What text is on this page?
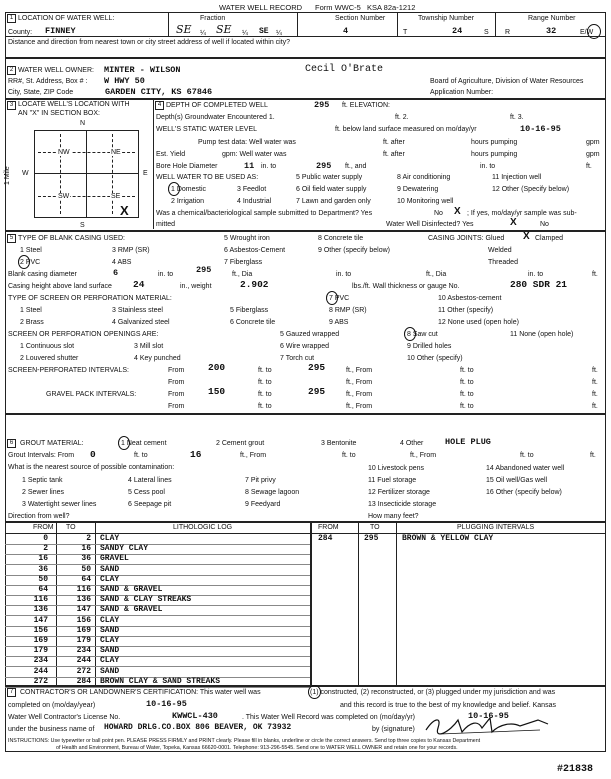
WATER WELL RECORD Form WWC-5 KSA 82a-1212
1 LOCATION OF WATER WELL:
County: FINNEY
Fraction
SE ¼ SE ¼ SE ¼
Section Number
4
Township Number
T	24	S
Range Number
R	32	E/W
Distance and direction from nearest town or city street address of well if located within city?
2 WATER WELL OWNER: MINTER - WILSON	Cecil O'Brate
RR#, St. Address, Box # : W HWY 50	Board of Agriculture, Division of Water Resources
City, State, ZIP Code	GARDEN CITY, KS 67846	Application Number:
3 LOCATE WELL'S LOCATION WITH
AN "X" IN SECTION BOX:
N
S
W	E
1 Mile
NW	NE
SW	SE
X
4 DEPTH OF COMPLETED WELL	295 ft. ELEVATION:
Depth(s) Groundwater Encountered 1.	ft. 2.	ft. 3.
WELL'S STATIC WATER LEVEL	ft. below land surface measured on mo/day/yr	10-16-95
Pump test data: Well water was	ft. after	hours pumping	gpm
Est. Yield	gpm: Well water was	ft. after	hours pumping	gpm
Bore Hole Diameter	11 in. to	295 ft., and	in. to	ft.
WELL WATER TO BE USED AS:
1 Domestic
2 Irrigation
3 Feedlot
4 Industrial
5 Public water supply
6 Oil field water supply
7 Lawn and garden only
8 Air conditioning
9 Dewatering
10 Monitoring well
11 Injection well
12 Other (Specify below)
Was a chemical/bacteriological sample submitted to Department? Yes	No X ; If yes, mo/day/yr sample was sub-
mitted	Water Well Disinfected? Yes	X	No
5 TYPE OF BLANK CASING USED:
1 Steel
2 PVC
3 RMP (SR)
4 ABS
5 Wrought iron
6 Asbestos-Cement
7 Fiberglass
8 Concrete tile
9 Other (specify below)
CASING JOINTS: Glued X Clamped
Welded
Threaded
Blank casing diameter	6	in. to	295	ft., Dia	in. to	ft., Dia	in. to	ft.
Casing height above land surface 24	in., weight	2.902	lbs./ft. Wall thickness or gauge No.	280 SDR 21
TYPE OF SCREEN OR PERFORATION MATERIAL:
1 Steel
2 Brass
3 Stainless steel
4 Galvanized steel
5 Fiberglass
6 Concrete tile
7 PVC
8 RMP (SR)
9 ABS
10 Asbestos-cement
11 Other (specify)
12 None used (open hole)
SCREEN OR PERFORATION OPENINGS ARE:
1 Continuous slot
2 Louvered shutter
3 Mill slot
4 Key punched
5 Gauzed wrapped
6 Wire wrapped
7 Torch cut
8 Saw cut
9 Drilled holes
10 Other (specify)
11 None (open hole)
SCREEN-PERFORATED INTERVALS:	From 200	ft. to	295	ft., From	ft. to	ft.
From	ft. to	ft., From	ft. to	ft.
GRAVEL PACK INTERVALS:	From 150	ft. to	295	ft., From	ft. to	ft.
From	ft. to	ft., From	ft. to	ft.
6 GROUT MATERIAL:	1 Neat cement	2 Cement grout	3 Bentonite	4 Other	HOLE PLUG
Grout Intervals: From 0	ft. to	16	ft., From	ft. to	ft., From	ft. to	ft.
What is the nearest source of possible contamination:
1 Septic tank
2 Sewer lines
3 Watertight sewer lines
4 Lateral lines
5 Cess pool
6 Seepage pit
7 Pit privy
8 Sewage lagoon
9 Feedyard
10 Livestock pens
11 Fuel storage
12 Fertilizer storage
13 Insecticide storage
14 Abandoned water well
15 Oil well/Gas well
16 Other (specify below)
Direction from well?	How many feet?
FROM TO	LITHOLOGIC LOG	FROM	TO	PLUGGING INTERVALS
0	2 CLAY
2	16 SANDY CLAY
16	36 GRAVEL
36	50 SAND
50	64 CLAY
64	116 SAND & GRAVEL
116	136 SAND & CLAY STREAKS
136	147 SAND & GRAVEL
147	156 CLAY
156	169 SAND
169	179 CLAY
179	234 SAND
234	244 CLAY
244	272 SAND
272	284 BROWN CLAY & SAND STREAKS
284	295	BROWN & YELLOW CLAY
7 CONTRACTOR'S OR LANDOWNER'S CERTIFICATION: This water well was	(1) constructed, (2) reconstructed, or (3) plugged under my jurisdiction and was
completed on (mo/day/year)	10-16-95	and this record is true to the best of my knowledge and belief. Kansas
Water Well Contractor's License No.	KWWCL-430	. This Water Well Record was completed on (mo/day/yr)	10-16-95
under the business name of HOWARD DRLG.CO.BOX 806 BEAVER, OK 73932	by (signature)
INSTRUCTIONS: Use typewriter or ball point pen. PLEASE PRESS FIRMLY and PRINT clearly. Please fill in blanks, underline or circle the correct answers. Send top three copies to Kansas Department
of Health and Environment, Bureau of Water, Topeka, Kansas 66620-0001. Telephone: 913-296-5545. Send one to WATER WELL OWNER and retain one for your records.
#21838
